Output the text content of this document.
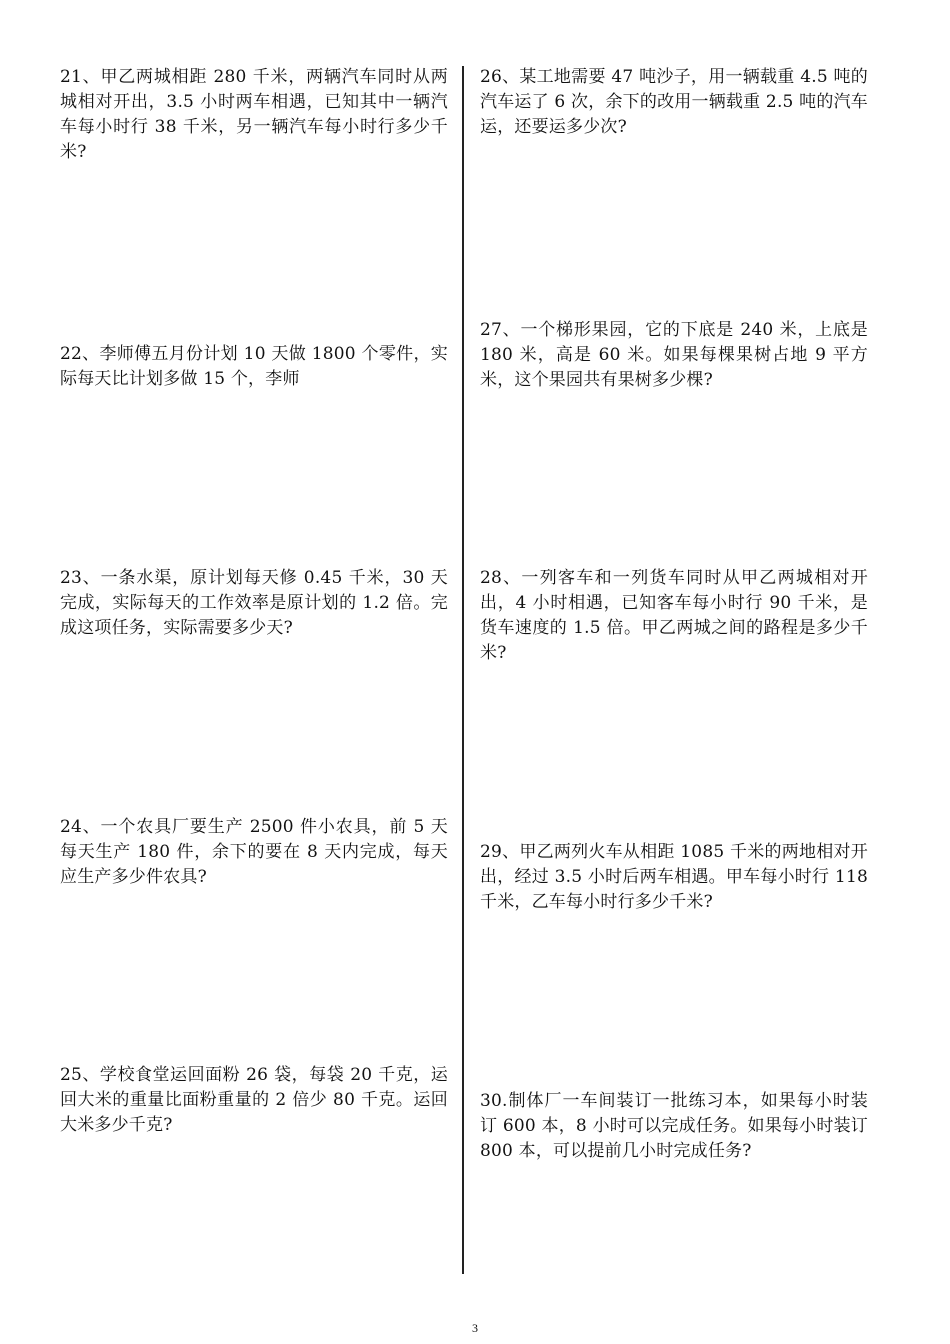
21、甲乙两城相距 280 千米，两辆汽车同时从两城相对开出，3.5 小时两车相遇，已知其中一辆汽车每小时行 38 千米，另一辆汽车每小时行多少千米?

22、李师傅五月份计划 10 天做 1800 个零件，实际每天比计划多做 15 个，李师

23、一条水渠，原计划每天修 0.45 千米，30 天完成，实际每天的工作效率是原计划的 1.2 倍。完成这项任务，实际需要多少天?

24、一个农具厂要生产 2500 件小农具，前 5 天每天生产 180 件，余下的要在 8 天内完成，每天应生产多少件农具?

25、学校食堂运回面粉 26 袋，每袋 20 千克，运回大米的重量比面粉重量的 2 倍少 80 千克。运回大米多少千克?

26、某工地需要 47 吨沙子，用一辆载重 4.5 吨的汽车运了 6 次，余下的改用一辆载重 2.5 吨的汽车运，还要运多少次?

27、一个梯形果园，它的下底是 240 米，上底是 180 米，高是 60 米。如果每棵果树占地 9 平方米，这个果园共有果树多少棵?

28、一列客车和一列货车同时从甲乙两城相对开出，4 小时相遇，已知客车每小时行 90 千米，是货车速度的 1.5 倍。甲乙两城之间的路程是多少千米?

29、甲乙两列火车从相距 1085 千米的两地相对开出，经过 3.5 小时后两车相遇。甲车每小时行 118 千米，乙车每小时行多少千米?

30.制体厂一车间装订一批练习本，如果每小时装订 600 本，8 小时可以完成任务。如果每小时装订 800 本，可以提前几小时完成任务?

3
